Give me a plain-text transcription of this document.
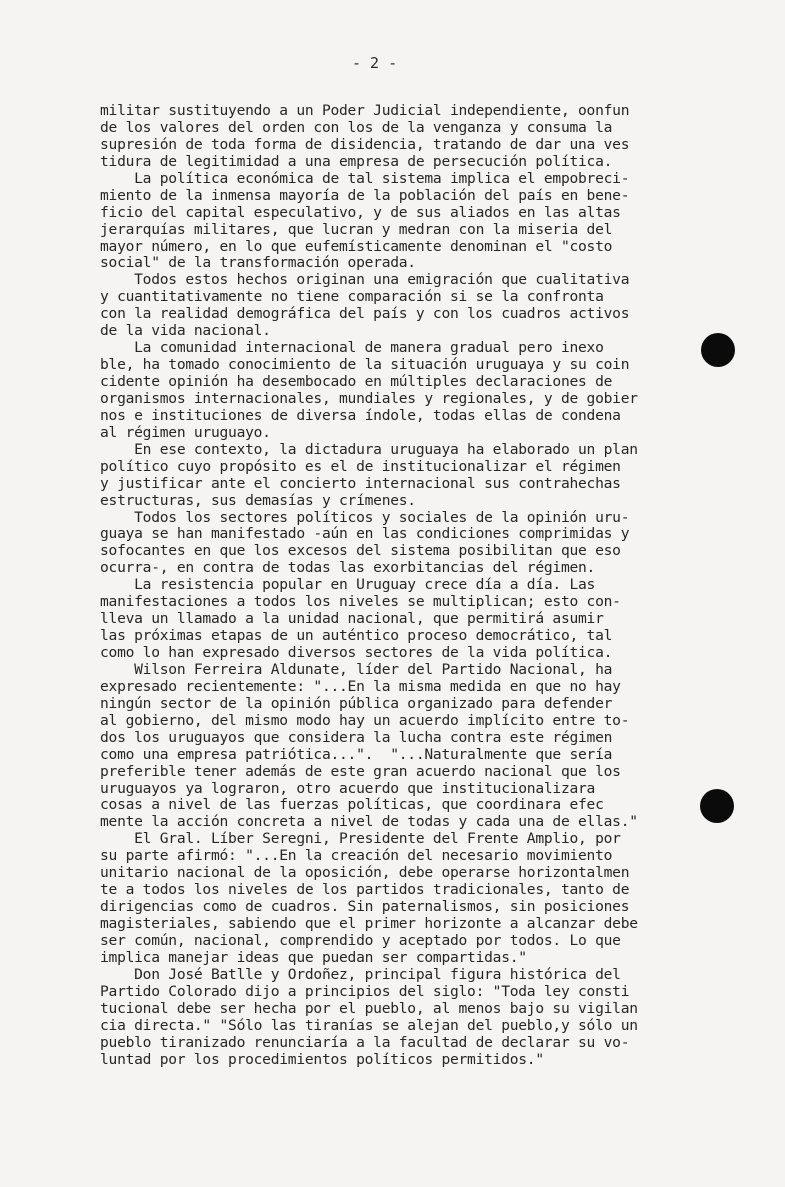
- 2 -
militar sustituyendo a un Poder Judicial independiente, oonfun
de los valores del orden con los de la venganza y consuma la
supresión de toda forma de disidencia, tratando de dar una ves
tidura de legitimidad a una empresa de persecución política.
La política económica de tal sistema implica el empobreci-
miento de la inmensa mayoría de la población del país en bene-
ficio del capital especulativo, y de sus aliados en las altas
jerarquías militares, que lucran y medran con la miseria del
mayor número, en lo que eufemísticamente denominan el "costo
social" de la transformación operada.
Todos estos hechos originan una emigración que cualitativa
y cuantitativamente no tiene comparación si se la confronta
con la realidad demográfica del país y con los cuadros activos
de la vida nacional.
La comunidad internacional de manera gradual pero inexo
ble, ha tomado conocimiento de la situación uruguaya y su coin
cidente opinión ha desembocado en múltiples declaraciones de
organismos internacionales, mundiales y regionales, y de gobier
nos e instituciones de diversa índole, todas ellas de condena
al régimen uruguayo.
En ese contexto, la dictadura uruguaya ha elaborado un plan
político cuyo propósito es el de institucionalizar el régimen
y justificar ante el concierto internacional sus contrahechas
estructuras, sus demasías y crímenes.
Todos los sectores políticos y sociales de la opinión uru-
guaya se han manifestado -aún en las condiciones comprimidas y
sofocantes en que los excesos del sistema posibilitan que eso
ocurra-, en contra de todas las exorbitancias del régimen.
La resistencia popular en Uruguay crece día a día. Las
manifestaciones a todos los niveles se multiplican; esto con-
lleva un llamado a la unidad nacional, que permitirá asumir
las próximas etapas de un auténtico proceso democrático, tal
como lo han expresado diversos sectores de la vida política.
Wilson Ferreira Aldunate, líder del Partido Nacional, ha
expresado recientemente: "...En la misma medida en que no hay
ningún sector de la opinión pública organizado para defender
al gobierno, del mismo modo hay un acuerdo implícito entre to-
dos los uruguayos que considera la lucha contra este régimen
como una empresa patriótica...".  "...Naturalmente que sería
preferible tener además de este gran acuerdo nacional que los
uruguayos ya lograron, otro acuerdo que institucionalizara
cosas a nivel de las fuerzas políticas, que coordinara efec
mente la acción concreta a nivel de todas y cada una de ellas."
El Gral. Líber Seregni, Presidente del Frente Amplio, por
su parte afirmó: "...En la creación del necesario movimiento
unitario nacional de la oposición, debe operarse horizontalmen
te a todos los niveles de los partidos tradicionales, tanto de
dirigencias como de cuadros. Sin paternalismos, sin posiciones
magisteriales, sabiendo que el primer horizonte a alcanzar debe
ser común, nacional, comprendido y aceptado por todos. Lo que
implica manejar ideas que puedan ser compartidas."
Don José Batlle y Ordoñez, principal figura histórica del
Partido Colorado dijo a principios del siglo: "Toda ley consti
tucional debe ser hecha por el pueblo, al menos bajo su vigilan
cia directa." "Sólo las tiranías se alejan del pueblo,y sólo un
pueblo tiranizado renunciaría a la facultad de declarar su vo-
luntad por los procedimientos políticos permitidos."
